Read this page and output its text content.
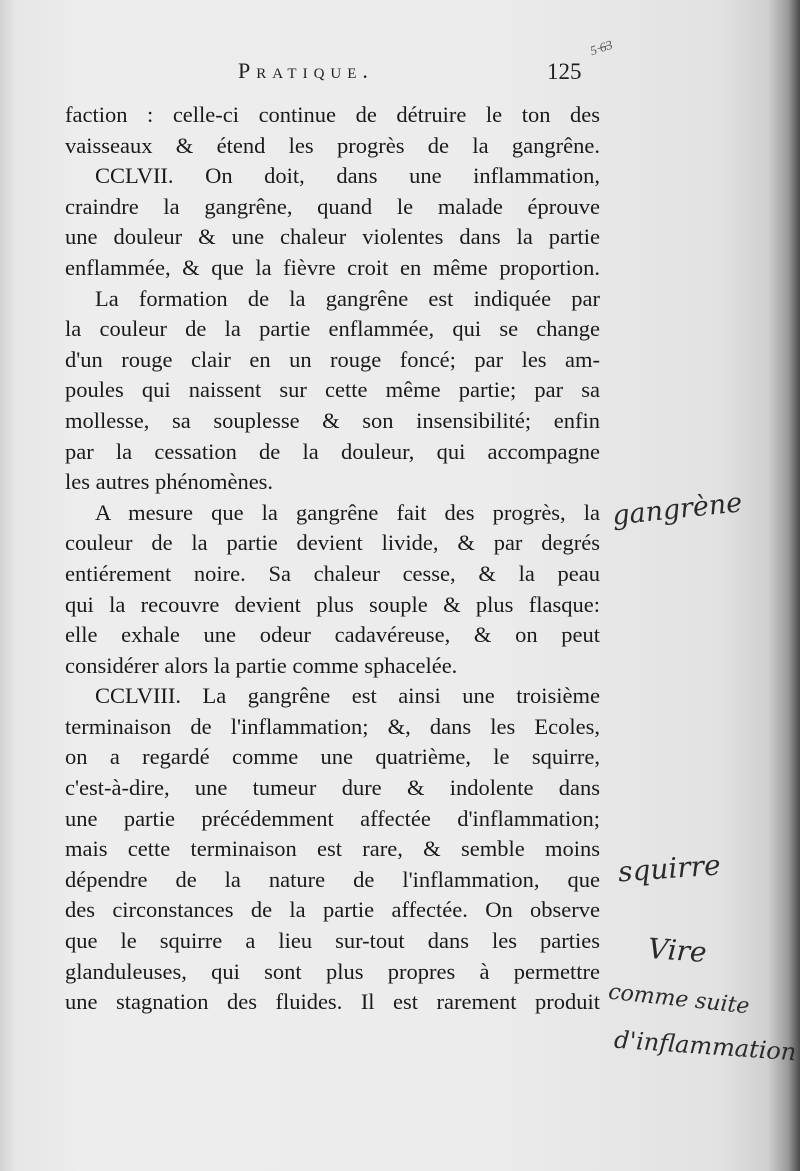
5 ̶6̶3
Pratique.	125
faction : celle-ci continue de détruire le ton des
vaisseaux & étend les progrès de la gangrêne.
CCLVII. On doit, dans une inflammation,
craindre la gangrêne, quand le malade éprouve
une douleur & une chaleur violentes dans la partie
enflammée, & que la fièvre croit en même proportion.
La formation de la gangrêne est indiquée par
la couleur de la partie enflammée, qui se change
d'un rouge clair en un rouge foncé; par les am-
poules qui naissent sur cette même partie; par sa
mollesse, sa souplesse & son insensibilité; enfin
par la cessation de la douleur, qui accompagne
les autres phénomènes.
A mesure que la gangrêne fait des progrès, la
couleur de la partie devient livide, & par degrés
entiérement noire. Sa chaleur cesse, & la peau
qui la recouvre devient plus souple & plus flasque:
elle exhale une odeur cadavéreuse, & on peut
considérer alors la partie comme sphacelée.
CCLVIII. La gangrêne est ainsi une troisième
terminaison de l'inflammation; &, dans les Ecoles,
on a regardé comme une quatrième, le squirre,
c'est-à-dire, une tumeur dure & indolente dans
une partie précédemment affectée d'inflammation;
mais cette terminaison est rare, & semble moins
dépendre de la nature de l'inflammation, que
des circonstances de la partie affectée. On observe
que le squirre a lieu sur-tout dans les parties
glanduleuses, qui sont plus propres à permettre
une stagnation des fluides. Il est rarement produit
gangrène
squirre
Vire
comme suite
d'inflammation
